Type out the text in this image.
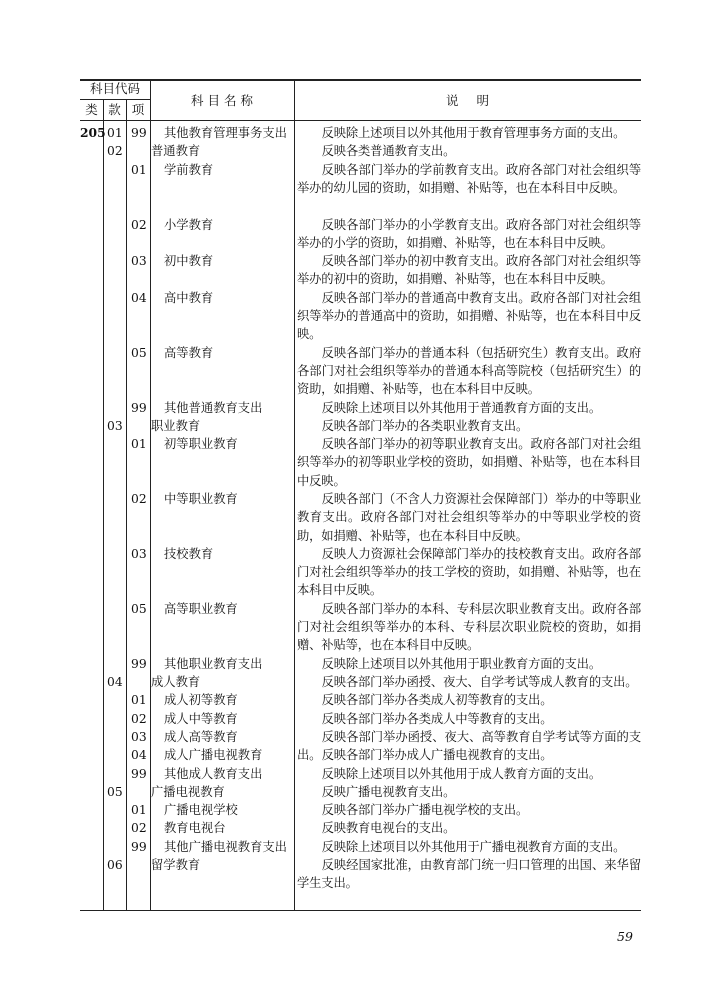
科目代码
类 款 项
科 目 名 称	说 明
205 01 99	其他教育管理事务支出	反映除上述项目以外其他用于教育管理事务方面的支出。
02 普通教育	反映各类普通教育支出。
01	学前教育	反映各部门举办的学前教育支出。政府各部门对社会组织等举办的幼儿园的资助，如捐赠、补贴等，也在本科目中反映。
02	小学教育	反映各部门举办的小学教育支出。政府各部门对社会组织等举办的小学的资助，如捐赠、补贴等，也在本科目中反映。
03	初中教育	反映各部门举办的初中教育支出。政府各部门对社会组织等举办的初中的资助，如捐赠、补贴等，也在本科目中反映。
04	高中教育	反映各部门举办的普通高中教育支出。政府各部门对社会组织等举办的普通高中的资助，如捐赠、补贴等，也在本科目中反映。
05	高等教育	反映各部门举办的普通本科（包括研究生）教育支出。政府各部门对社会组织等举办的普通本科高等院校（包括研究生）的资助，如捐赠、补贴等，也在本科目中反映。
99	其他普通教育支出	反映除上述项目以外其他用于普通教育方面的支出。
03 职业教育	反映各部门举办的各类职业教育支出。
01	初等职业教育	反映各部门举办的初等职业教育支出。政府各部门对社会组织等举办的初等职业学校的资助，如捐赠、补贴等，也在本科目中反映。
02	中等职业教育	反映各部门（不含人力资源社会保障部门）举办的中等职业教育支出。政府各部门对社会组织等举办的中等职业学校的资助，如捐赠、补贴等，也在本科目中反映。
03	技校教育	反映人力资源社会保障部门举办的技校教育支出。政府各部门对社会组织等举办的技工学校的资助，如捐赠、补贴等，也在本科目中反映。
05	高等职业教育	反映各部门举办的本科、专科层次职业教育支出。政府各部门对社会组织等举办的本科、专科层次职业院校的资助，如捐赠、补贴等，也在本科目中反映。
99	其他职业教育支出	反映除上述项目以外其他用于职业教育方面的支出。
04 成人教育	反映各部门举办函授、夜大、自学考试等成人教育的支出。
01	成人初等教育	反映各部门举办各类成人初等教育的支出。
02	成人中等教育	反映各部门举办各类成人中等教育的支出。
03	成人高等教育	反映各部门举办函授、夜大、高等教育自学考试等方面的支出。
04	成人广播电视教育	反映各部门举办成人广播电视教育的支出。
99	其他成人教育支出	反映除上述项目以外其他用于成人教育方面的支出。
05 广播电视教育	反映广播电视教育支出。
01	广播电视学校	反映各部门举办广播电视学校的支出。
02	教育电视台	反映教育电视台的支出。
99	其他广播电视教育支出	反映除上述项目以外其他用于广播电视教育方面的支出。
06 留学教育	反映经国家批准，由教育部门统一归口管理的出国、来华留学生支出。
59
